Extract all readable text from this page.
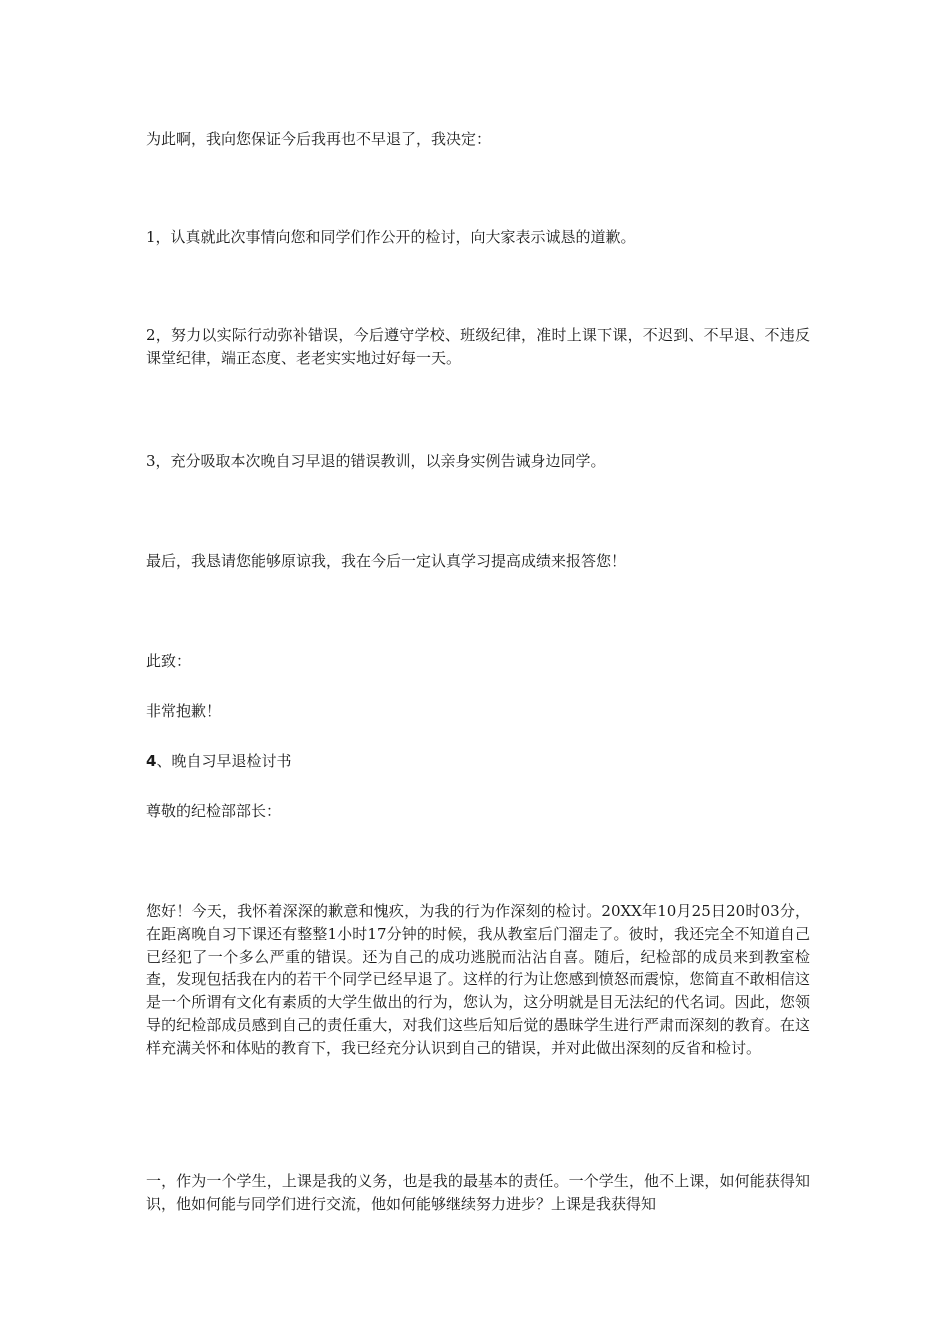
为此啊，我向您保证今后我再也不早退了，我决定：

1，认真就此次事情向您和同学们作公开的检讨，向大家表示诚恳的道歉。

2，努力以实际行动弥补错误，今后遵守学校、班级纪律，准时上课下课，不迟到、不早退、不违反课堂纪律，端正态度、老老实实地过好每一天。

3，充分吸取本次晚自习早退的错误教训，以亲身实例告诫身边同学。

最后，我恳请您能够原谅我，我在今后一定认真学习提高成绩来报答您！

此致：

非常抱歉！

4、晚自习早退检讨书

尊敬的纪检部部长：

您好！今天，我怀着深深的歉意和愧疚，为我的行为作深刻的检讨。20XX年10月25日20时03分，在距离晚自习下课还有整整1小时17分钟的时候，我从教室后门溜走了。彼时，我还完全不知道自己已经犯了一个多么严重的错误。还为自己的成功逃脱而沾沾自喜。随后，纪检部的成员来到教室检查，发现包括我在内的若干个同学已经早退了。这样的行为让您感到愤怒而震惊，您简直不敢相信这是一个所谓有文化有素质的大学生做出的行为，您认为，这分明就是目无法纪的代名词。因此，您领导的纪检部成员感到自己的责任重大，对我们这些后知后觉的愚昧学生进行严肃而深刻的教育。在这样充满关怀和体贴的教育下，我已经充分认识到自己的错误，并对此做出深刻的反省和检讨。

一，作为一个学生，上课是我的义务，也是我的最基本的责任。一个学生，他不上课，如何能获得知识，他如何能与同学们进行交流，他如何能够继续努力进步？上课是我获得知
